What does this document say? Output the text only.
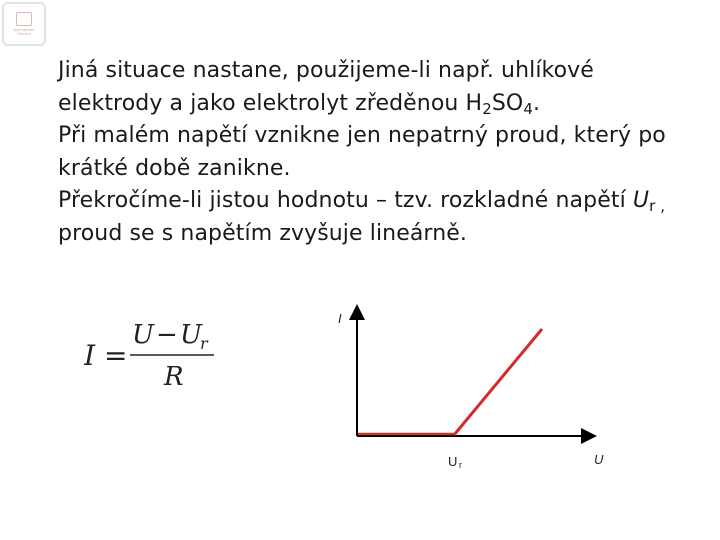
Gymnázium
Hranice

Jiná situace nastane, použijeme-li např. uhlíkové

elektrody a jako elektrolyt zředěnou $H_2SO_4$.

Při malém napětí vznikne jen nepatrný proud, který po

krátké době zanikne.

Překročíme-li jistou hodnotu – tzv. rozkladné napětí $U_{r ,}$

proud se s napětím zvyšuje lineárně.

I =
U − U
r
R
I
U
U r
